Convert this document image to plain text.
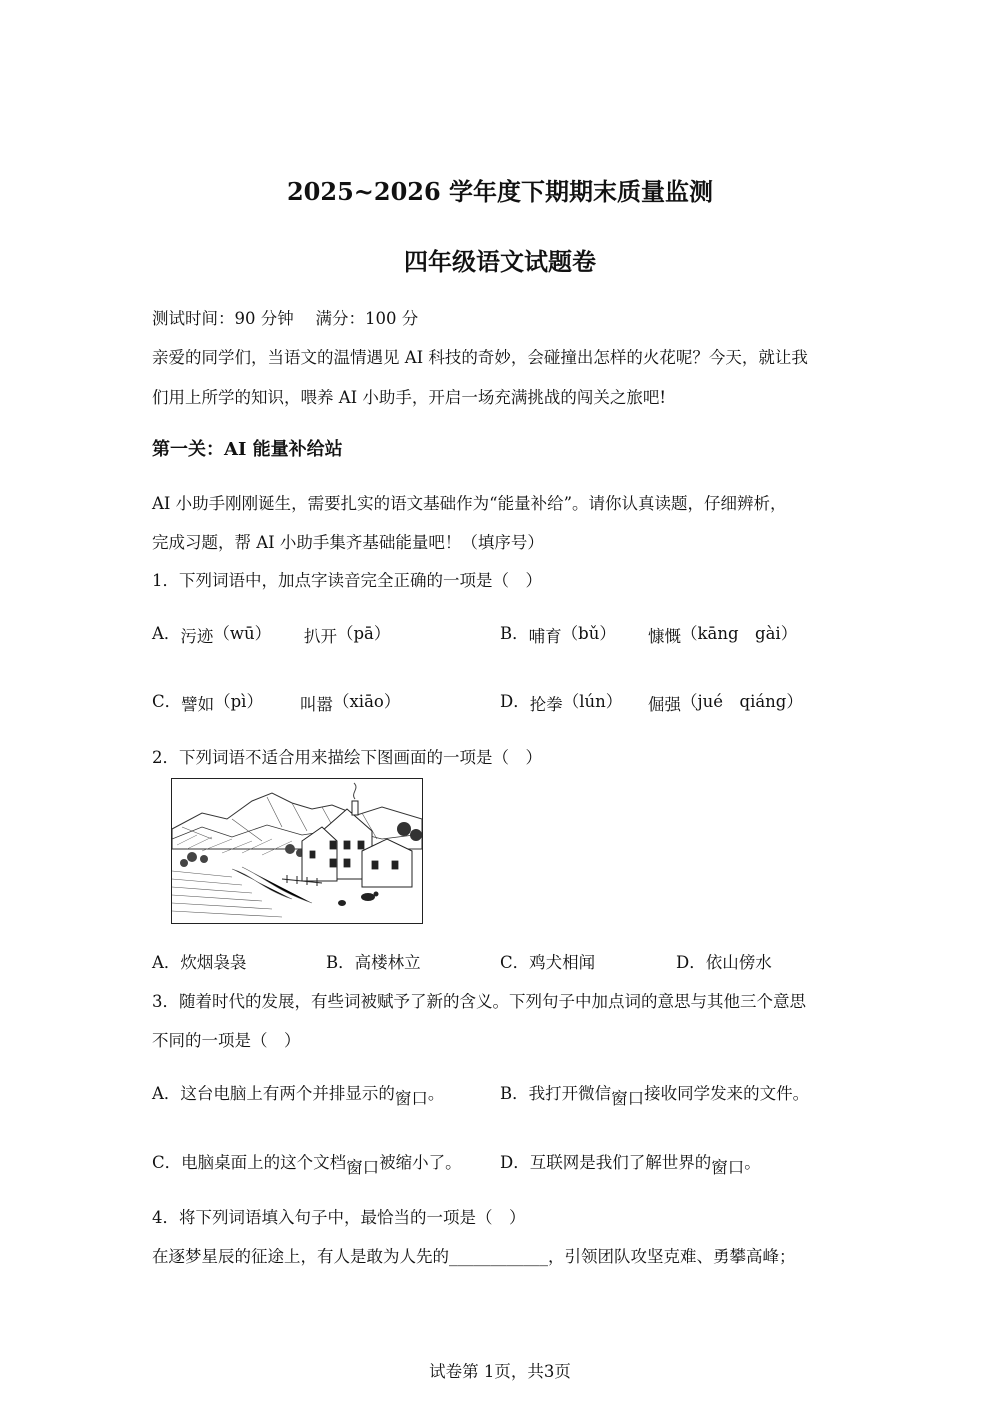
2025~2026 学年度下期期末质量监测
四年级语文试题卷
测试时间：90 分钟　 满分：100 分
亲爱的同学们，当语文的温情遇见 AI 科技的奇妙，会碰撞出怎样的火花呢？今天，就让我
们用上所学的知识，喂养 AI 小助手，开启一场充满挑战的闯关之旅吧!
第一关：AI 能量补给站
AI 小助手刚刚诞生，需要扎实的语文基础作为“能量补给”。请你认真读题，仔细辨析，
完成习题，帮 AI 小助手集齐基础能量吧！（填序号）
1．下列词语中，加点字读音完全正确的一项是（　）
A．污迹（wū） 扒开（pā）	B．哺育（bǔ） 慷慨（kāng　gài）
C．譬如（pì） 叫嚣（xiāo）	D．抡拳（lún） 倔强（jué　qiáng）
2．下列词语不适合用来描绘下图画面的一项是（　）
A．炊烟袅袅	B．高楼林立	C．鸡犬相闻	D．依山傍水
3．随着时代的发展，有些词被赋予了新的含义。下列句子中加点词的意思与其他三个意思
不同的一项是（　）
A．这台电脑上有两个并排显示的窗口。	B．我打开微信窗口接收同学发来的文件。
C．电脑桌面上的这个文档窗口被缩小了。 D．互联网是我们了解世界的窗口。
4．将下列词语填入句子中，最恰当的一项是（　）
在逐梦星辰的征途上，有人是敢为人先的____________，引领团队攻坚克难、勇攀高峰；
试卷第 1页，共3页
